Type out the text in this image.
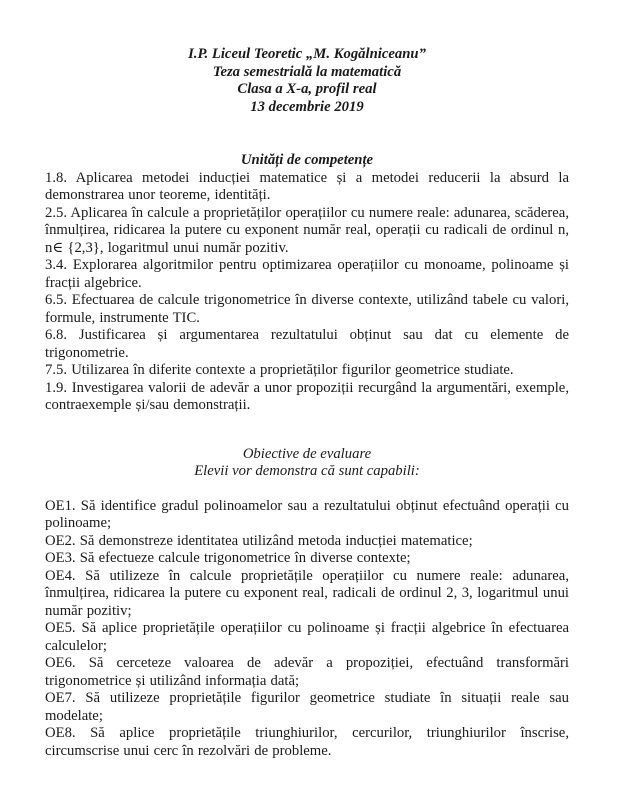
I.P. Liceul Teoretic „M. Kogălniceanu”
Teza semestrială la matematică
Clasa a X-a, profil real
13 decembrie 2019
Unități de competențe

1.8. Aplicarea metodei inducției matematice și a metodei reducerii la absurd la demonstrarea unor teoreme, identități.

2.5. Aplicarea în calcule a proprietăților operațiilor cu numere reale: adunarea, scăderea, înmulțirea, ridicarea la putere cu exponent număr real, operații cu radicali de ordinul n, n∈ {2,3}, logaritmul unui număr pozitiv.

3.4. Explorarea algoritmilor pentru optimizarea operațiilor cu monoame, polinoame și fracții algebrice.

6.5. Efectuarea de calcule trigonometrice în diverse contexte, utilizând tabele cu valori, formule, instrumente TIC.

6.8. Justificarea și argumentarea rezultatului obținut sau dat cu elemente de trigonometrie.

7.5. Utilizarea în diferite contexte a proprietăților figurilor geometrice studiate.

1.9. Investigarea valorii de adevăr a unor propoziții recurgând la argumentări, exemple, contraexemple și/sau demonstrații.

Obiective de evaluare
Elevii vor demonstra că sunt capabili:

OE1. Să identifice gradul polinoamelor sau a rezultatului obținut efectuând operații cu polinoame;

OE2. Să demonstreze identitatea utilizând metoda inducției matematice;

OE3. Să efectueze calcule trigonometrice în diverse contexte;

OE4. Să utilizeze în calcule proprietățile operațiilor cu numere reale: adunarea, înmulțirea, ridicarea la putere cu exponent real, radicali de ordinul 2, 3, logaritmul unui număr pozitiv;

OE5. Să aplice proprietățile operațiilor cu polinoame și fracții algebrice în efectuarea calculelor;

OE6. Să cerceteze valoarea de adevăr a propoziției, efectuând transformări trigonometrice și utilizând informația dată;

OE7. Să utilizeze proprietățile figurilor geometrice studiate în situații reale sau modelate;

OE8. Să aplice proprietățile triunghiurilor, cercurilor, triunghiurilor înscrise, circumscrise unui cerc în rezolvări de probleme.
